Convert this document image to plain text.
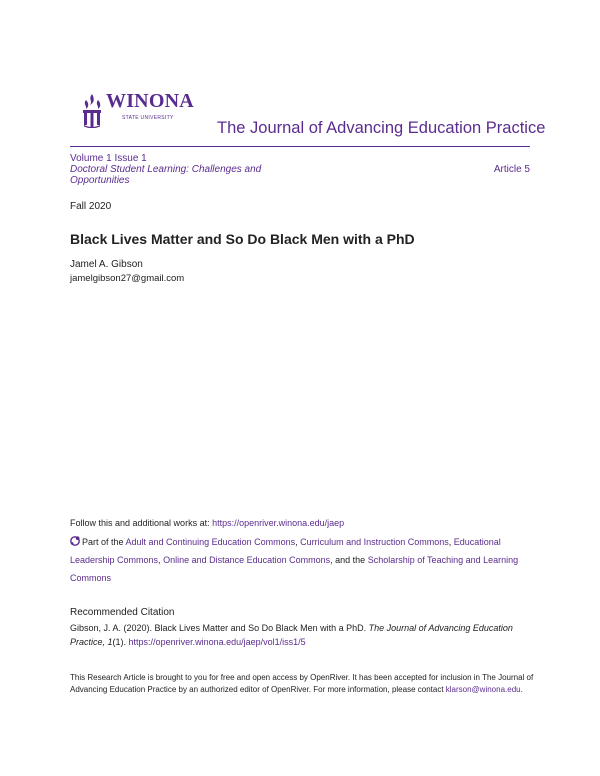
WINONA
STATE UNIVERSITY
The Journal of Advancing Education Practice
Volume 1 Issue 1
Doctoral Student Learning: Challenges and Opportunities
Article 5
Fall 2020
Black Lives Matter and So Do Black Men with a PhD
Jamel A. Gibson
jamelgibson27@gmail.com
Follow this and additional works at: https://openriver.winona.edu/jaep
Part of the Adult and Continuing Education Commons, Curriculum and Instruction Commons, Educational Leadership Commons, Online and Distance Education Commons, and the Scholarship of Teaching and Learning Commons
Recommended Citation
Gibson, J. A. (2020). Black Lives Matter and So Do Black Men with a PhD. The Journal of Advancing Education Practice, 1(1). https://openriver.winona.edu/jaep/vol1/iss1/5
This Research Article is brought to you for free and open access by OpenRiver. It has been accepted for inclusion in The Journal of Advancing Education Practice by an authorized editor of OpenRiver. For more information, please contact klarson@winona.edu.
